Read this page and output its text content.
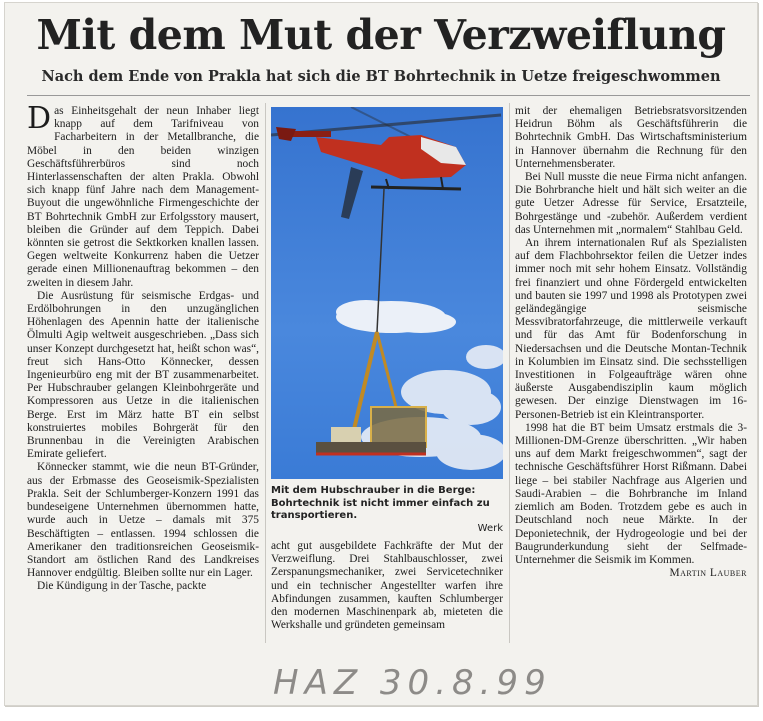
Mit dem Mut der Verzweiflung
Nach dem Ende von Prakla hat sich die BT Bohrtechnik in Uetze freigeschwommen

Das Einheitsgehalt der neun Inhaber liegt knapp auf dem Tarifniveau von Facharbeitern in der Metallbranche, die Möbel in den beiden winzigen Geschäftsführerbüros sind noch Hinterlassenschaften der alten Prakla. Obwohl sich knapp fünf Jahre nach dem Management-Buyout die ungewöhnliche Firmengeschichte der BT Bohrtechnik GmbH zur Erfolgsstory mausert, bleiben die Gründer auf dem Teppich. Dabei könnten sie getrost die Sektkorken knallen lassen. Gegen weltweite Konkurrenz haben die Uetzer gerade einen Millionenauftrag bekommen – den zweiten in diesem Jahr.

Die Ausrüstung für seismische Erdgas- und Erdölbohrungen in den unzugänglichen Höhenlagen des Apennin hatte der italienische Ölmulti Agip weltweit ausgeschrieben. „Dass sich unser Konzept durchgesetzt hat, heißt schon was“, freut sich Hans-Otto Könnecker, dessen Ingenieurbüro eng mit der BT zusammenarbeitet. Per Hubschrauber gelangen Kleinbohrgeräte und Kompressoren aus Uetze in die italienischen Berge. Erst im März hatte BT ein selbst konstruiertes mobiles Bohrgerät für den Brunnenbau in die Vereinigten Arabischen Emirate geliefert.

Könnecker stammt, wie die neun BT-Gründer, aus der Erbmasse des Geoseismik-Spezialisten Prakla. Seit der Schlumberger-Konzern 1991 das bundeseigene Unternehmen übernommen hatte, wurde auch in Uetze – damals mit 375 Beschäftigten – entlassen. 1994 schlossen die Amerikaner den traditionsreichen Geoseismik-Standort am östlichen Rand des Landkreises Hannover endgültig. Bleiben sollte nur ein Lager.

Die Kündigung in der Tasche, packte

Mit dem Hubschrauber in die Berge: Bohrtechnik ist nicht immer einfach zu transportieren.
Werk

acht gut ausgebildete Fachkräfte der Mut der Verzweiflung. Drei Stahlbauschlosser, zwei Zerspanungsmechaniker, zwei Servicetechniker und ein technischer Angestellter warfen ihre Abfindungen zusammen, kauften Schlumberger den modernen Maschinenpark ab, mieteten die Werkshalle und gründeten gemeinsam

mit der ehemaligen Betriebsratsvorsitzenden Heidrun Böhm als Geschäftsführerin die Bohrtechnik GmbH. Das Wirtschaftsministerium in Hannover übernahm die Rechnung für den Unternehmensberater.

Bei Null musste die neue Firma nicht anfangen. Die Bohrbranche hielt und hält sich weiter an die gute Uetzer Adresse für Service, Ersatzteile, Bohrgestänge und -zubehör. Außerdem verdient das Unternehmen mit „normalem“ Stahlbau Geld.

An ihrem internationalen Ruf als Spezialisten auf dem Flachbohrsektor feilen die Uetzer indes immer noch mit sehr hohem Einsatz. Vollständig frei finanziert und ohne Fördergeld entwickelten und bauten sie 1997 und 1998 als Prototypen zwei geländegängige seismische Messvibratorfahrzeuge, die mittlerweile verkauft und für das Amt für Bodenforschung in Niedersachsen und die Deutsche Montan-Technik in Kolumbien im Einsatz sind. Die sechsstelligen Investitionen in Folgeaufträge wären ohne äußerste Ausgabendisziplin kaum möglich gewesen. Der einzige Dienstwagen im 16-Personen-Betrieb ist ein Kleintransporter.

1998 hat die BT beim Umsatz erstmals die 3-Millionen-DM-Grenze überschritten. „Wir haben uns auf dem Markt freigeschwommen“, sagt der technische Geschäftsführer Horst Rißmann. Dabei liege – bei stabiler Nachfrage aus Algerien und Saudi-Arabien – die Bohrbranche im Inland ziemlich am Boden. Trotzdem gebe es auch in Deutschland noch neue Märkte. In der Deponietechnik, der Hydrogeologie und bei der Baugrunderkundung sieht der Selfmade-Unternehmer die Seismik im Kommen.
Martin Lauber

HAZ 30.8.99
